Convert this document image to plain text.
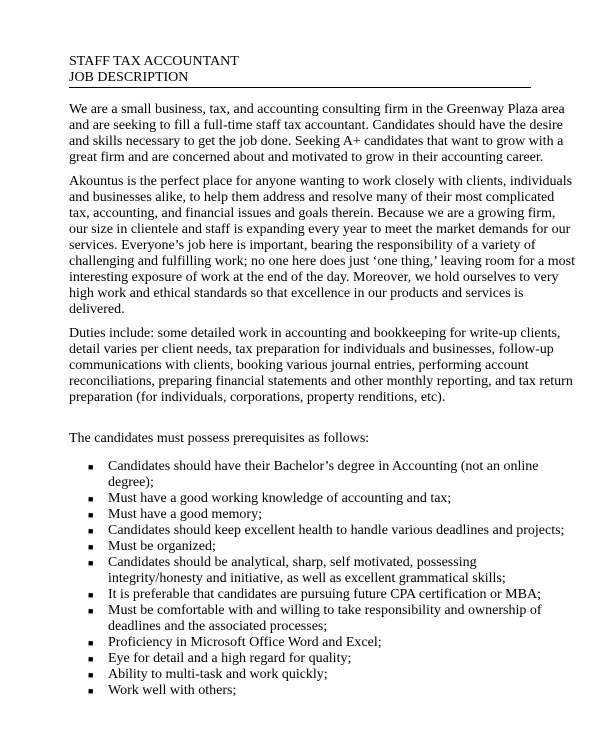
STAFF TAX ACCOUNTANT
JOB DESCRIPTION

We are a small business, tax, and accounting consulting firm in the Greenway Plaza area
and are seeking to fill a full-time staff tax accountant. Candidates should have the desire
and skills necessary to get the job done. Seeking A+ candidates that want to grow with a
great firm and are concerned about and motivated to grow in their accounting career.

Akountus is the perfect place for anyone wanting to work closely with clients, individuals
and businesses alike, to help them address and resolve many of their most complicated
tax, accounting, and financial issues and goals therein. Because we are a growing firm,
our size in clientele and staff is expanding every year to meet the market demands for our
services. Everyone’s job here is important, bearing the responsibility of a variety of
challenging and fulfilling work; no one here does just ‘one thing,’ leaving room for a most
interesting exposure of work at the end of the day. Moreover, we hold ourselves to very
high work and ethical standards so that excellence in our products and services is
delivered.

Duties include: some detailed work in accounting and bookkeeping for write-up clients,
detail varies per client needs, tax preparation for individuals and businesses, follow-up
communications with clients, booking various journal entries, performing account
reconciliations, preparing financial statements and other monthly reporting, and tax return
preparation (for individuals, corporations, property renditions, etc).

The candidates must possess prerequisites as follows:

■ Candidates should have their Bachelor’s degree in Accounting (not an online
degree);
■ Must have a good working knowledge of accounting and tax;
■ Must have a good memory;
■ Candidates should keep excellent health to handle various deadlines and projects;
■ Must be organized;
■ Candidates should be analytical, sharp, self motivated, possessing
integrity/honesty and initiative, as well as excellent grammatical skills;
■ It is preferable that candidates are pursuing future CPA certification or MBA;
■ Must be comfortable with and willing to take responsibility and ownership of
deadlines and the associated processes;
■ Proficiency in Microsoft Office Word and Excel;
■ Eye for detail and a high regard for quality;
■ Ability to multi-task and work quickly;
■ Work well with others;
